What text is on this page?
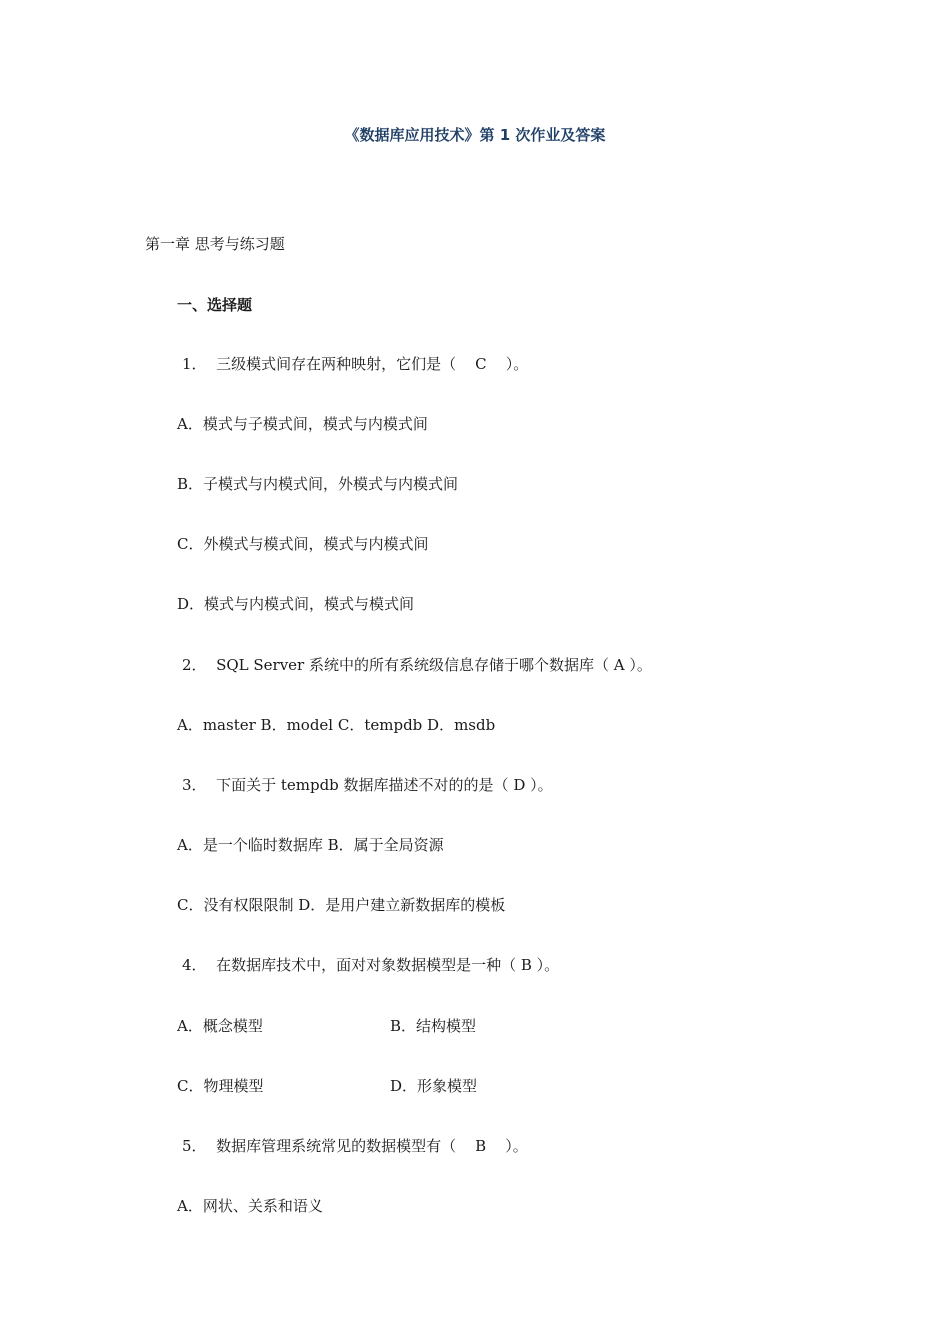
《数据库应用技术》第 1 次作业及答案
第一章 思考与练习题
一、选择题
1．  三级模式间存在两种映射，它们是（    C    ）。
A．模式与子模式间，模式与内模式间
B．子模式与内模式间，外模式与内模式间
C．外模式与模式间，模式与内模式间
D．模式与内模式间，模式与模式间
2．  SQL Server 系统中的所有系统级信息存储于哪个数据库（ A ）。
A．master B．model C．tempdb D．msdb
3．  下面关于 tempdb 数据库描述不对的的是（ D ）。
A．是一个临时数据库 B．属于全局资源
C．没有权限限制 D．是用户建立新数据库的模板
4．  在数据库技术中，面对对象数据模型是一种（ B ）。
A．概念模型	B．结构模型
C．物理模型	D．形象模型
5．  数据库管理系统常见的数据模型有（    B    ）。
A．网状、关系和语义
